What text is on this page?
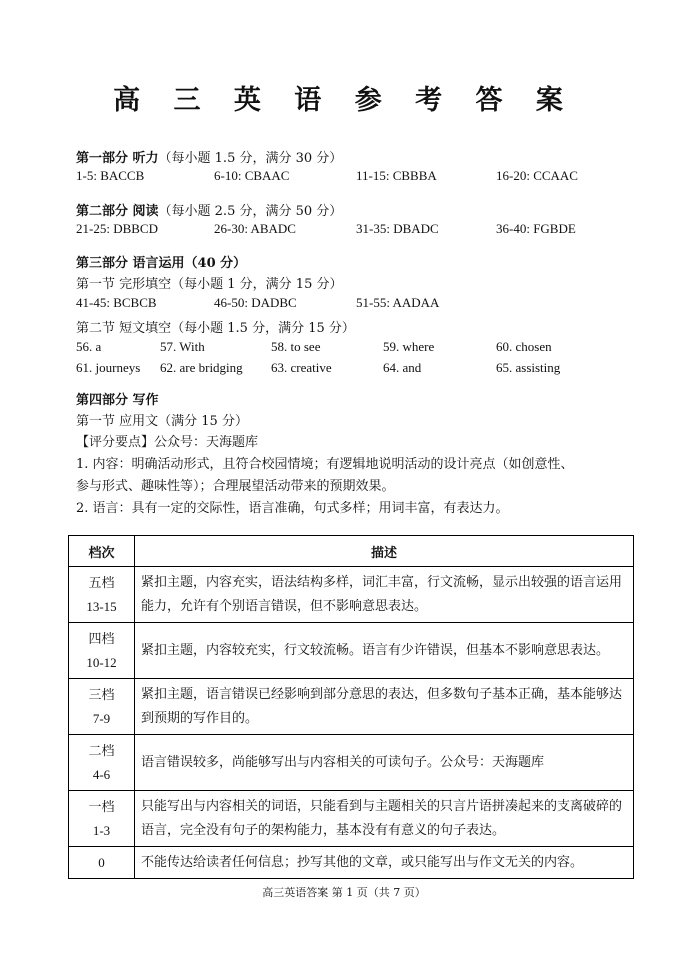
高 三 英 语 参 考 答 案
第一部分 听力（每小题 1.5 分，满分 30 分）
1-5: BACCB	6-10: CBAAC	11-15: CBBBA	16-20: CCAAC
第二部分 阅读（每小题 2.5 分，满分 50 分）
21-25: DBBCD	26-30: ABADC	31-35: DBADC	36-40: FGBDE
第三部分 语言运用（40 分）
第一节 完形填空（每小题 1 分，满分 15 分）
41-45: BCBCB	46-50: DADBC	51-55: AADAA
第二节 短文填空（每小题 1.5 分，满分 15 分）
56. a	57. With	58. to see	59. where	60. chosen
61. journeys 62. are bridging 63. creative	64. and	65. assisting
第四部分 写作
第一节 应用文（满分 15 分）
【评分要点】公众号：天海题库
1. 内容：明确活动形式，且符合校园情境；有逻辑地说明活动的设计亮点（如创意性、
参与形式、趣味性等）；合理展望活动带来的预期效果。
2. 语言：具有一定的交际性，语言准确，句式多样；用词丰富，有表达力。
档次	描述

五档
13-15	紧扣主题，内容充实，语法结构多样，词汇丰富，行文流畅，显示出较强的语言运用能力，允许有个别语言错误，但不影响意思表达。

四档
10-12	紧扣主题，内容较充实，行文较流畅。语言有少许错误，但基本不影响意思表达。

三档
7-9	紧扣主题，语言错误已经影响到部分意思的表达，但多数句子基本正确，基本能够达到预期的写作目的。

二档
4-6	语言错误较多，尚能够写出与内容相关的可读句子。公众号：天海题库

一档
1-3	只能写出与内容相关的词语，只能看到与主题相关的只言片语拼凑起来的支离破碎的语言，完全没有句子的架构能力，基本没有有意义的句子表达。

0	不能传达给读者任何信息；抄写其他的文章，或只能写出与作文无关的内容。
高三英语答案 第 1 页（共 7 页）
